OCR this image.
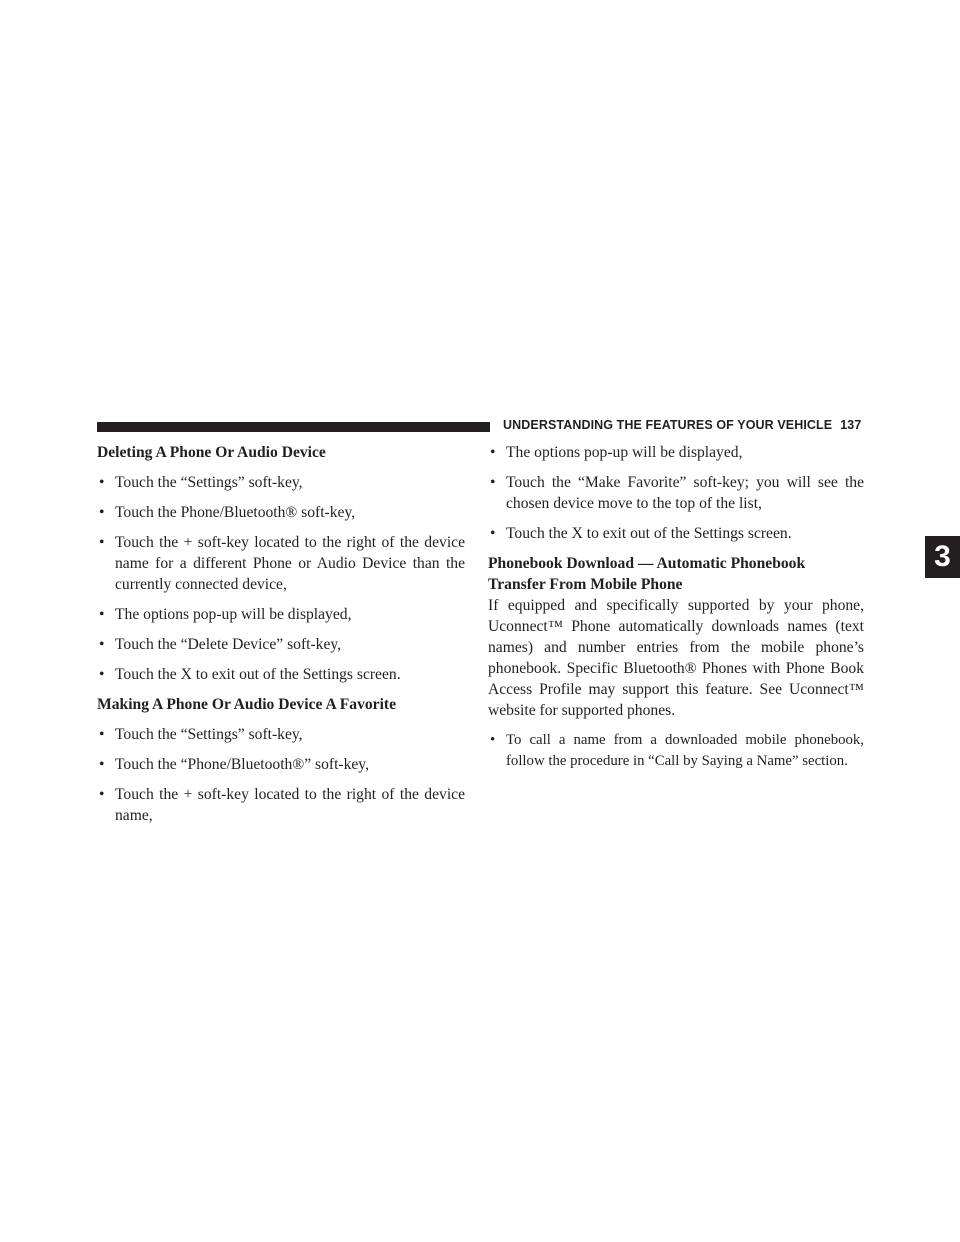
UNDERSTANDING THE FEATURES OF YOUR VEHICLE 137
3
Deleting A Phone Or Audio Device
• Touch the “Settings” soft-key,
• Touch the Phone/Bluetooth® soft-key,
• Touch the + soft-key located to the right of the device name for a different Phone or Audio Device than the currently connected device,
• The options pop-up will be displayed,
• Touch the “Delete Device” soft-key,
• Touch the X to exit out of the Settings screen.
Making A Phone Or Audio Device A Favorite
• Touch the “Settings” soft-key,
• Touch the “Phone/Bluetooth®” soft-key,
• Touch the + soft-key located to the right of the device name,
• The options pop-up will be displayed,
• Touch the “Make Favorite” soft-key; you will see the chosen device move to the top of the list,
• Touch the X to exit out of the Settings screen.
Phonebook Download — Automatic Phonebook Transfer From Mobile Phone

If equipped and specifically supported by your phone, Uconnect™ Phone automatically downloads names (text names) and number entries from the mobile phone’s phonebook. Specific Bluetooth® Phones with Phone Book Access Profile may support this feature. See Uconnect™ website for supported phones.

• To call a name from a downloaded mobile phonebook, follow the procedure in “Call by Saying a Name” section.
